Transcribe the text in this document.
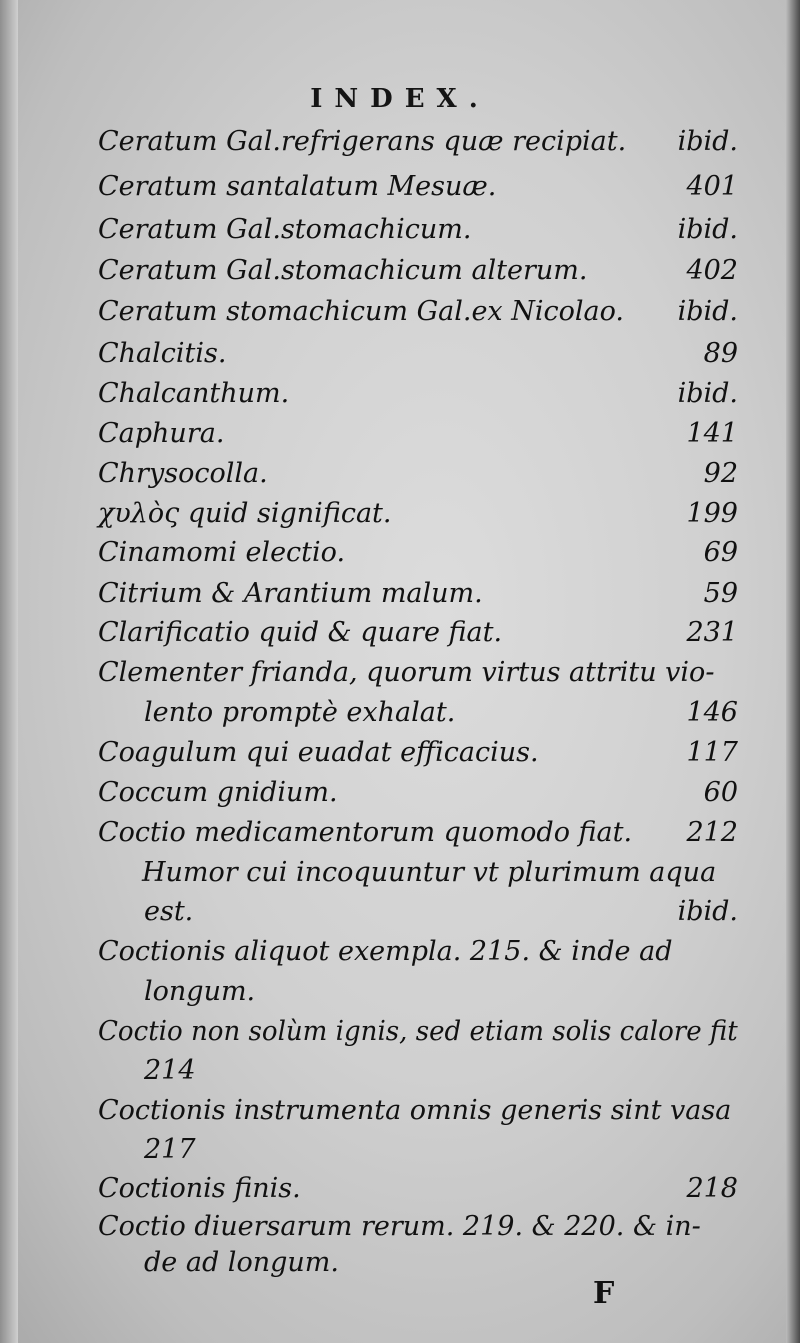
INDEX.
Ceratum Gal.refrigerans quæ recipiat. ibid.
Ceratum santalatum Mesuæ.	401
Ceratum Gal.stomachicum.	ibid.
Ceratum Gal.stomachicum alterum.	402
Ceratum stomachicum Gal.ex Nicolao. ibid.
Chalcitis.	89
Chalcanthum.	ibid.
Caphura.	141
Chrysocolla.	92
χυλὸς quid significat.	199
Cinamomi electio.	69
Citrium & Arantium malum.	59
Clarificatio quid & quare fiat.	231
Clementer frianda, quorum virtus attritu vio-
lento promptè exhalat.	146
Coagulum qui euadat efficacius.	117
Coccum gnidium.	60
Coctio medicamentorum quomodo fiat. 212
Humor cui incoquuntur vt plurimum aqua
est.	ibid.
Coctionis aliquot exempla. 215. & inde ad
longum.
Coctio non solùm ignis, sed etiam solis calore fit
214
Coctionis instrumenta omnis generis sint vasa
217
Coctionis finis.	218
Coctio diuersarum rerum. 219. & 220. & in-
de ad longum.
F
